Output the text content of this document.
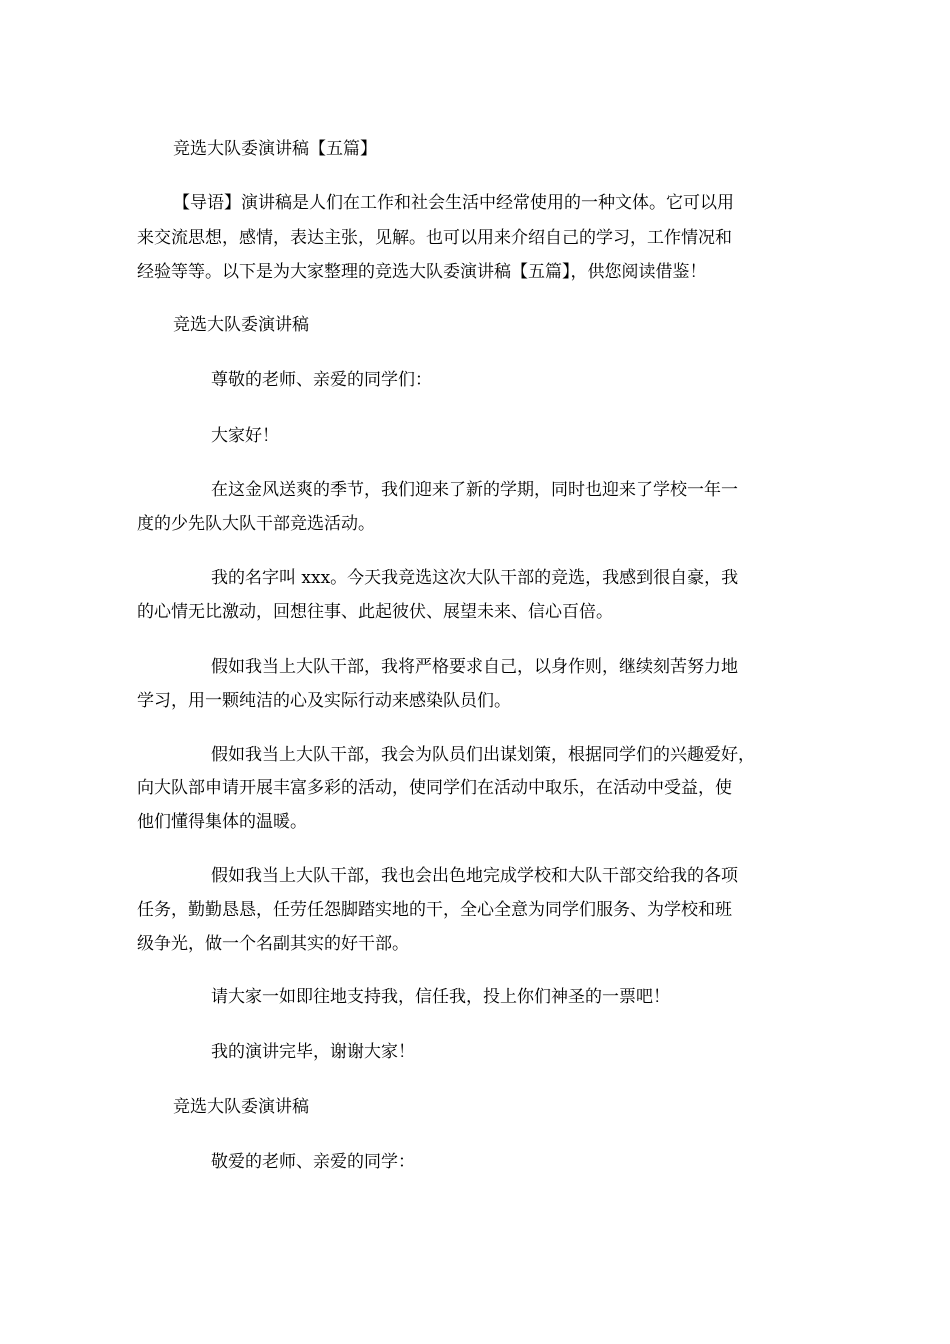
竞选大队委演讲稿【五篇】

【导语】演讲稿是人们在工作和社会生活中经常使用的一种文体。它可以用

来交流思想，感情，表达主张，见解。也可以用来介绍自己的学习，工作情况和

经验等等。以下是为大家整理的竞选大队委演讲稿【五篇】，供您阅读借鉴！

竞选大队委演讲稿

尊敬的老师、亲爱的同学们：

大家好！

在这金风送爽的季节，我们迎来了新的学期，同时也迎来了学校一年一

度的少先队大队干部竞选活动。

我的名字叫 xxx。今天我竞选这次大队干部的竞选，我感到很自豪，我

的心情无比激动，回想往事、此起彼伏、展望未来、信心百倍。

假如我当上大队干部，我将严格要求自己，以身作则，继续刻苦努力地

学习，用一颗纯洁的心及实际行动来感染队员们。

假如我当上大队干部，我会为队员们出谋划策，根据同学们的兴趣爱好，

向大队部申请开展丰富多彩的活动，使同学们在活动中取乐，在活动中受益，使

他们懂得集体的温暖。

假如我当上大队干部，我也会出色地完成学校和大队干部交给我的各项

任务，勤勤恳恳，任劳任怨脚踏实地的干，全心全意为同学们服务、为学校和班

级争光，做一个名副其实的好干部。

请大家一如即往地支持我，信任我，投上你们神圣的一票吧！

我的演讲完毕，谢谢大家！

竞选大队委演讲稿

敬爱的老师、亲爱的同学：
